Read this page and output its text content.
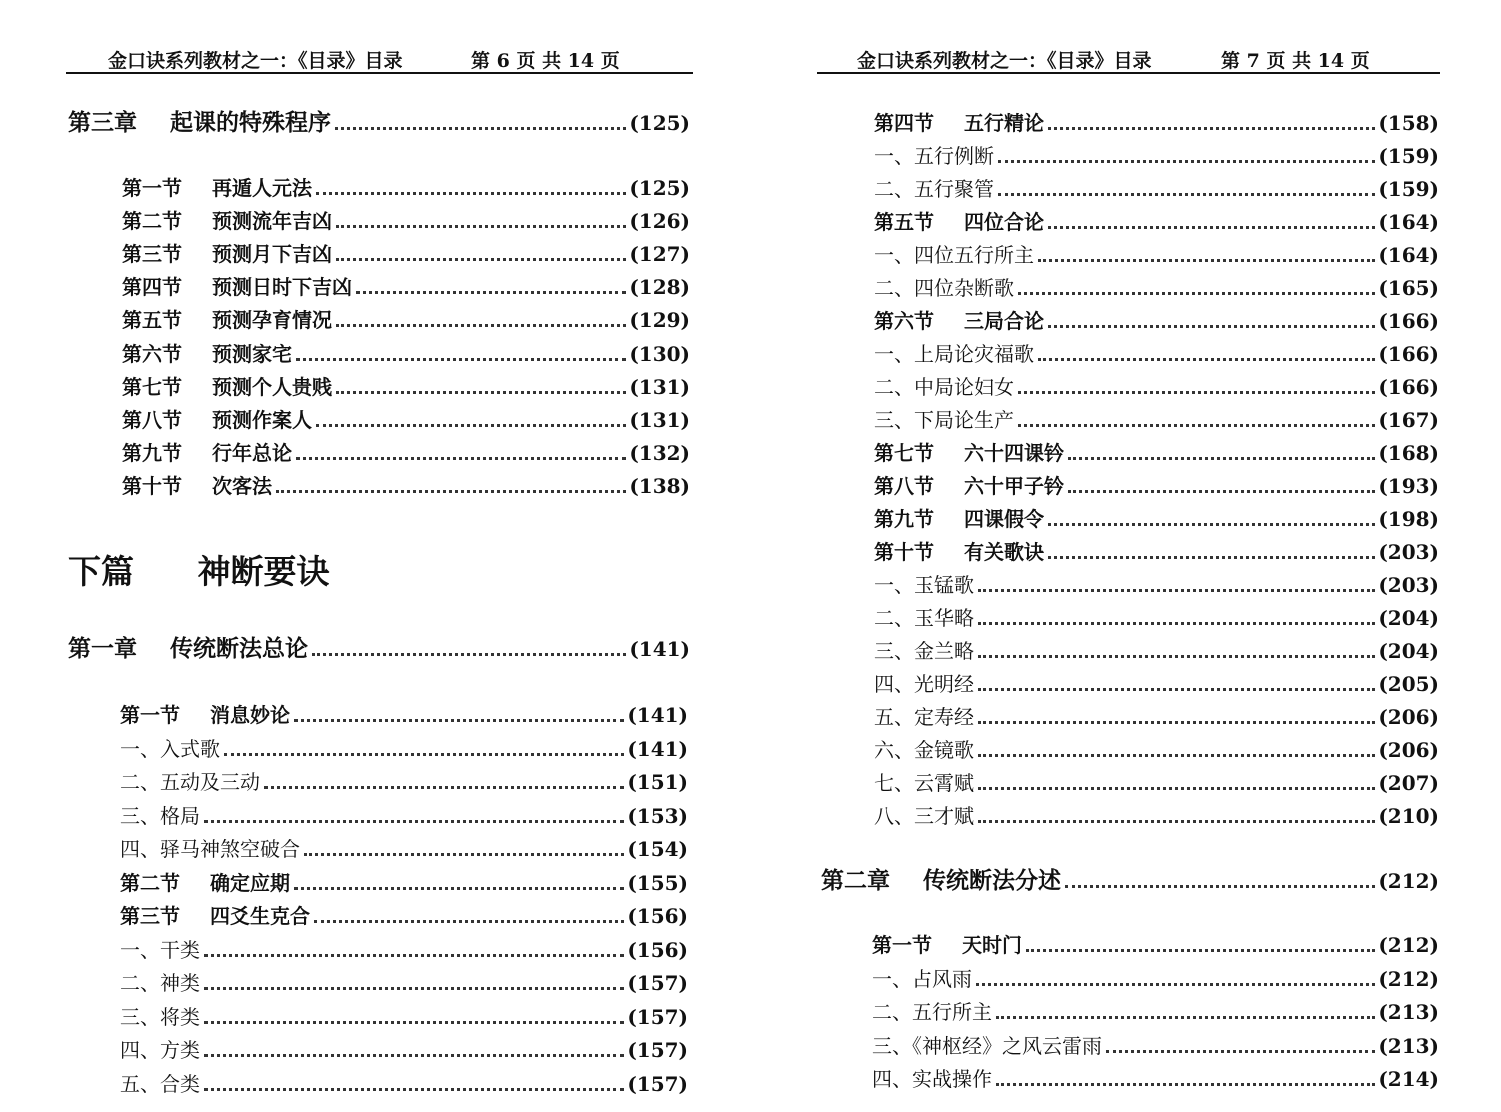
金口诀系列教材之一：《目录》目录	第 6 页 共 14 页
第三章	起课的特殊程序	(125)
第一节	再遁人元法	(125)
第二节	预测流年吉凶	(126)
第三节	预测月下吉凶	(127)
第四节	预测日时下吉凶	(128)
第五节	预测孕育情况	(129)
第六节	预测家宅	(130)
第七节	预测个人贵贱	(131)
第八节	预测作案人	(131)
第九节	行年总论	(132)
第十节	次客法	(138)
下篇 神断要诀
第一章	传统断法总论	(141)
第一节	消息妙论	(141)
一、入式歌	(141)
二、五动及三动	(151)
三、格局	(153)
四、驿马神煞空破合	(154)
第二节	确定应期	(155)
第三节	四爻生克合	(156)
一、干类	(156)
二、神类	(157)
三、将类	(157)
四、方类	(157)
五、合类	(157)
金口诀系列教材之一：《目录》目录	第 7 页 共 14 页
第四节	五行精论	(158)
一、五行例断	(159)
二、五行聚管	(159)
第五节	四位合论	(164)
一、四位五行所主	(164)
二、四位杂断歌	(165)
第六节	三局合论	(166)
一、上局论灾福歌	(166)
二、中局论妇女	(166)
三、下局论生产	(167)
第七节	六十四课钤	(168)
第八节	六十甲子钤	(193)
第九节	四课假令	(198)
第十节	有关歌诀	(203)
一、玉锰歌	(203)
二、玉华略	(204)
三、金兰略	(204)
四、光明经	(205)
五、定寿经	(206)
六、金镜歌	(206)
七、云霄赋	(207)
八、三才赋	(210)
第二章	传统断法分述	(212)
第一节	天时门	(212)
一、占风雨	(212)
二、五行所主	(213)
三、《神枢经》之风云雷雨	(213)
四、实战操作	(214)
